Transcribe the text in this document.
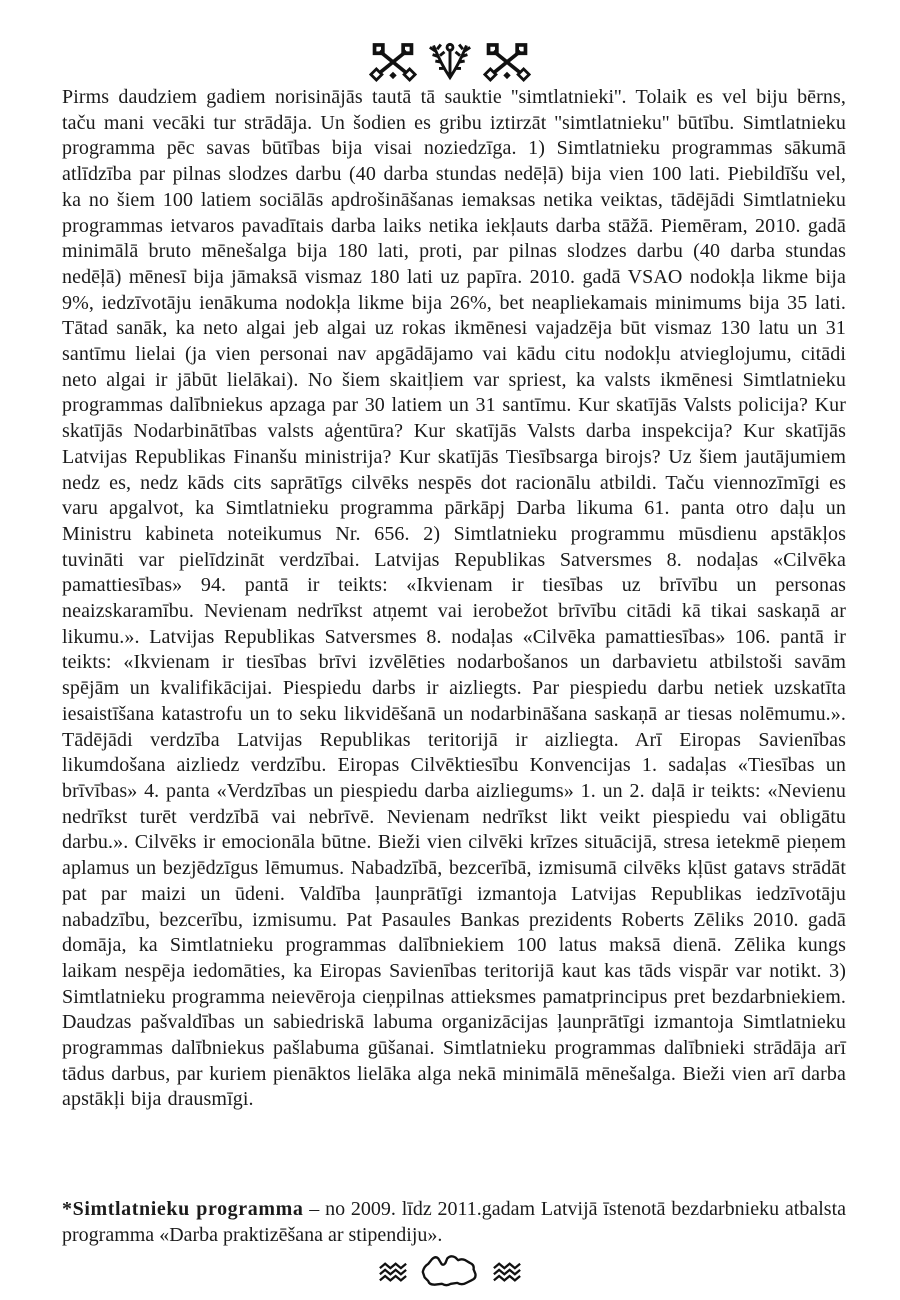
Pirms daudziem gadiem norisinājās tautā tā sauktie ''simtlatnieki''. Tolaik es vel biju bērns, taču mani vecāki tur strādāja. Un šodien es gribu iztirzāt ''simtlatnieku'' būtību. Simtlatnieku programma pēc savas būtības bija visai noziedzīga. 1) Simtlatnieku programmas sākumā atlīdzība par pilnas slodzes darbu (40 darba stundas nedēļā) bija vien 100 lati. Piebildīšu vel, ka no šiem 100 latiem sociālās apdrošināšanas iemaksas netika veiktas, tādējādi Simtlatnieku programmas ietvaros pavadītais darba laiks netika iekļauts darba stāžā. Piemēram, 2010. gadā minimālā bruto mēnešalga bija 180 lati, proti, par pilnas slodzes darbu (40 darba stundas nedēļā) mēnesī bija jāmaksā vismaz 180 lati uz papīra. 2010. gadā VSAO nodokļa likme bija 9%, iedzīvotāju ienākuma nodokļa likme bija 26%, bet neapliekamais minimums bija 35 lati. Tātad sanāk, ka neto algai jeb algai uz rokas ikmēnesi vajadzēja būt vismaz 130 latu un 31 santīmu lielai (ja vien personai nav apgādājamo vai kādu citu nodokļu atvieglojumu, citādi neto algai ir jābūt lielākai). No šiem skaitļiem var spriest, ka valsts ikmēnesi Simtlatnieku programmas dalībniekus apzaga par 30 latiem un 31 santīmu. Kur skatījās Valsts policija? Kur skatījās Nodarbinātības valsts aģentūra? Kur skatījās Valsts darba inspekcija? Kur skatījās Latvijas Republikas Finanšu ministrija? Kur skatījās Tiesībsarga birojs? Uz šiem jautājumiem nedz es, nedz kāds cits saprātīgs cilvēks nespēs dot racionālu atbildi. Taču viennozīmīgi es varu apgalvot, ka Simtlatnieku programma pārkāpj Darba likuma 61. panta otro daļu un Ministru kabineta noteikumus Nr. 656. 2) Simtlatnieku programmu mūsdienu apstākļos tuvināti var pielīdzināt verdzībai. Latvijas Republikas Satversmes 8. nodaļas «Cilvēka pamattiesības» 94. pantā ir teikts: «Ikvienam ir tiesības uz brīvību un personas neaizskaramību. Nevienam nedrīkst atņemt vai ierobežot brīvību citādi kā tikai saskaņā ar likumu.». Latvijas Republikas Satversmes 8. nodaļas «Cilvēka pamattiesības» 106. pantā ir teikts: «Ikvienam ir tiesības brīvi izvēlēties nodarbošanos un darbavietu atbilstoši savām spējām un kvalifikācijai. Piespiedu darbs ir aizliegts. Par piespiedu darbu netiek uzskatīta iesaistīšana katastrofu un to seku likvidēšanā un nodarbināšana saskaņā ar tiesas nolēmumu.». Tādējādi verdzība Latvijas Republikas teritorijā ir aizliegta. Arī Eiropas Savienības likumdošana aizliedz verdzību. Eiropas Cilvēktiesību Konvencijas 1. sadaļas «Tiesības un brīvības» 4. panta «Verdzības un piespiedu darba aizliegums» 1. un 2. daļā ir teikts: «Nevienu nedrīkst turēt verdzībā vai nebrīvē. Nevienam nedrīkst likt veikt piespiedu vai obligātu darbu.». Cilvēks ir emocionāla būtne. Bieži vien cilvēki krīzes situācijā, stresa ietekmē pieņem aplamus un bezjēdzīgus lēmumus. Nabadzībā, bezcerībā, izmisumā cilvēks kļūst gatavs strādāt pat par maizi un ūdeni. Valdība ļaunprātīgi izmantoja Latvijas Republikas iedzīvotāju nabadzību, bezcerību, izmisumu. Pat Pasaules Bankas prezidents Roberts Zēliks 2010. gadā domāja, ka Simtlatnieku programmas dalībniekiem 100 latus maksā dienā. Zēlika kungs laikam nespēja iedomāties, ka Eiropas Savienības teritorijā kaut kas tāds vispār var notikt. 3) Simtlatnieku programma neievēroja cieņpilnas attieksmes pamatprincipus pret bezdarbniekiem. Daudzas pašvaldības un sabiedriskā labuma organizācijas ļaunprātīgi izmantoja Simtlatnieku programmas dalībniekus pašlabuma gūšanai. Simtlatnieku programmas dalībnieki strādāja arī tādus darbus, par kuriem pienāktos lielāka alga nekā minimālā mēnešalga. Bieži vien arī darba apstākļi bija drausmīgi.

*Simtlatnieku programma – no 2009. līdz 2011.gadam Latvijā īstenotā bezdarbnieku atbalsta programma «Darba praktizēšana ar stipendiju».
